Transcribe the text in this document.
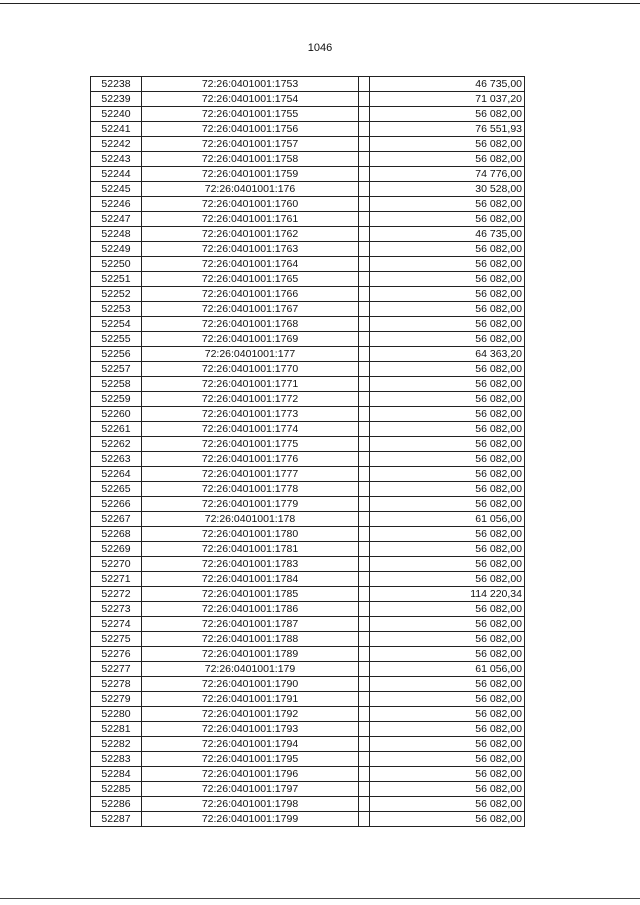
1046
52238	72:26:0401001:1753		46 735,00
52239	72:26:0401001:1754		71 037,20
52240	72:26:0401001:1755		56 082,00
52241	72:26:0401001:1756		76 551,93
52242	72:26:0401001:1757		56 082,00
52243	72:26:0401001:1758		56 082,00
52244	72:26:0401001:1759		74 776,00
52245	72:26:0401001:176		30 528,00
52246	72:26:0401001:1760		56 082,00
52247	72:26:0401001:1761		56 082,00
52248	72:26:0401001:1762		46 735,00
52249	72:26:0401001:1763		56 082,00
52250	72:26:0401001:1764		56 082,00
52251	72:26:0401001:1765		56 082,00
52252	72:26:0401001:1766		56 082,00
52253	72:26:0401001:1767		56 082,00
52254	72:26:0401001:1768		56 082,00
52255	72:26:0401001:1769		56 082,00
52256	72:26:0401001:177		64 363,20
52257	72:26:0401001:1770		56 082,00
52258	72:26:0401001:1771		56 082,00
52259	72:26:0401001:1772		56 082,00
52260	72:26:0401001:1773		56 082,00
52261	72:26:0401001:1774		56 082,00
52262	72:26:0401001:1775		56 082,00
52263	72:26:0401001:1776		56 082,00
52264	72:26:0401001:1777		56 082,00
52265	72:26:0401001:1778		56 082,00
52266	72:26:0401001:1779		56 082,00
52267	72:26:0401001:178		61 056,00
52268	72:26:0401001:1780		56 082,00
52269	72:26:0401001:1781		56 082,00
52270	72:26:0401001:1783		56 082,00
52271	72:26:0401001:1784		56 082,00
52272	72:26:0401001:1785		114 220,34
52273	72:26:0401001:1786		56 082,00
52274	72:26:0401001:1787		56 082,00
52275	72:26:0401001:1788		56 082,00
52276	72:26:0401001:1789		56 082,00
52277	72:26:0401001:179		61 056,00
52278	72:26:0401001:1790		56 082,00
52279	72:26:0401001:1791		56 082,00
52280	72:26:0401001:1792		56 082,00
52281	72:26:0401001:1793		56 082,00
52282	72:26:0401001:1794		56 082,00
52283	72:26:0401001:1795		56 082,00
52284	72:26:0401001:1796		56 082,00
52285	72:26:0401001:1797		56 082,00
52286	72:26:0401001:1798		56 082,00
52287	72:26:0401001:1799		56 082,00
